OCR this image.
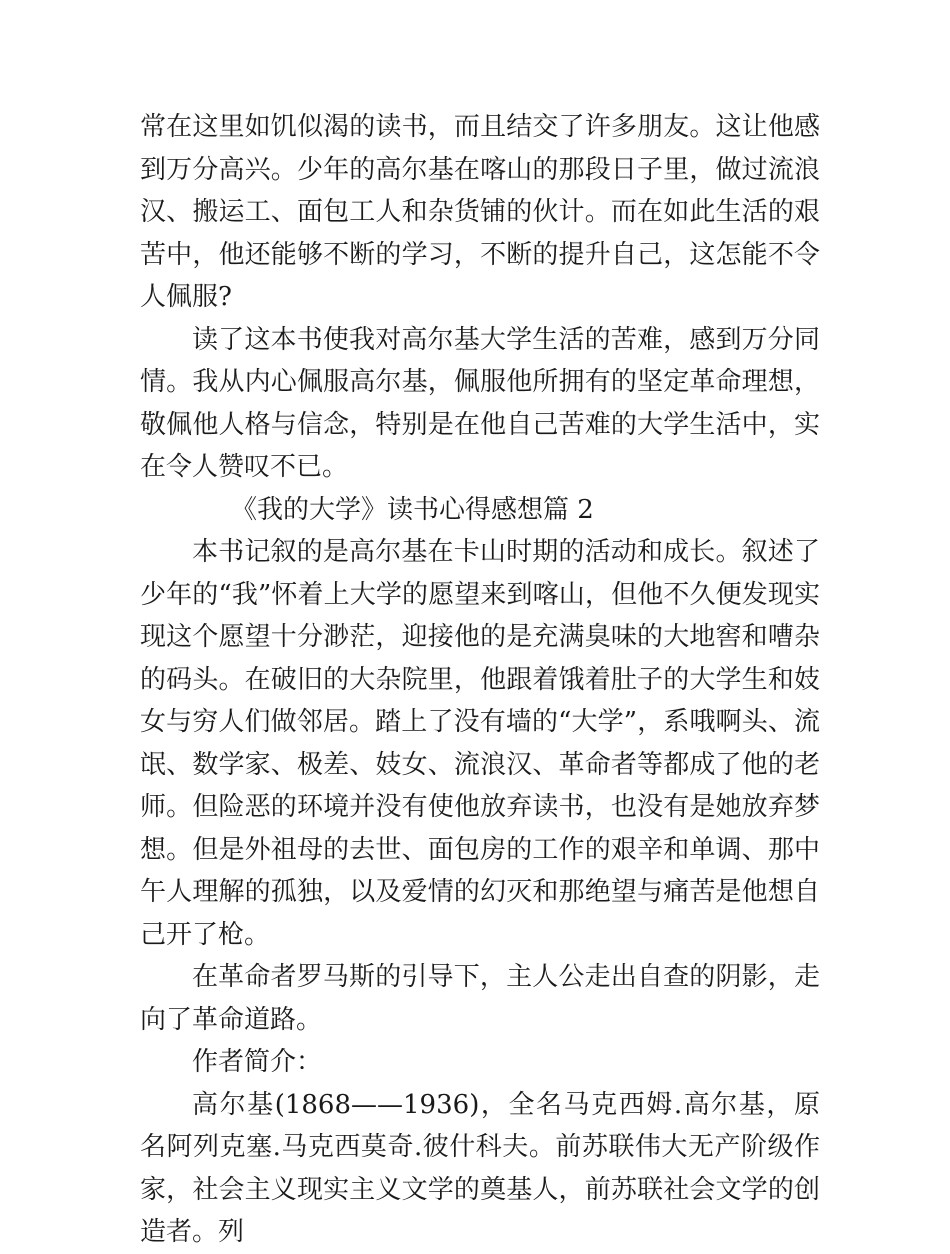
常在这里如饥似渴的读书，而且结交了许多朋友。这让他感到万分高兴。少年的高尔基在喀山的那段日子里，做过流浪汉、搬运工、面包工人和杂货铺的伙计。而在如此生活的艰苦中，他还能够不断的学习，不断的提升自己，这怎能不令人佩服?

读了这本书使我对高尔基大学生活的苦难，感到万分同情。我从内心佩服高尔基，佩服他所拥有的坚定革命理想，敬佩他人格与信念，特别是在他自己苦难的大学生活中，实在令人赞叹不已。

《我的大学》读书心得感想篇 2

本书记叙的是高尔基在卡山时期的活动和成长。叙述了少年的“我”怀着上大学的愿望来到喀山，但他不久便发现实现这个愿望十分渺茫，迎接他的是充满臭味的大地窖和嘈杂的码头。在破旧的大杂院里，他跟着饿着肚子的大学生和妓女与穷人们做邻居。踏上了没有墙的“大学”，系哦啊头、流氓、数学家、极差、妓女、流浪汉、革命者等都成了他的老师。但险恶的环境并没有使他放弃读书，也没有是她放弃梦想。但是外祖母的去世、面包房的工作的艰辛和单调、那中午人理解的孤独，以及爱情的幻灭和那绝望与痛苦是他想自己开了枪。

在革命者罗马斯的引导下，主人公走出自查的阴影，走向了革命道路。

作者简介：

高尔基(1868——1936)，全名马克西姆.高尔基，原名阿列克塞.马克西莫奇.彼什科夫。前苏联伟大无产阶级作家，社会主义现实主义文学的奠基人，前苏联社会文学的创造者。列
